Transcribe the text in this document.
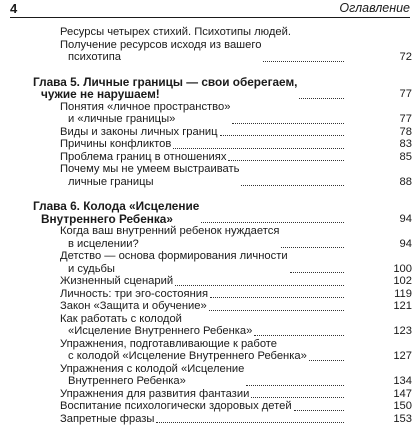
4	Оглавление
Ресурсы четырех стихий. Психотипы людей.
Получение ресурсов исходя из вашего
психотипа	72
Глава 5. Личные границы — свои оберегаем,
чужие не нарушаем!	77
Понятия «личное пространство»
и «личные границы»	77
Виды и законы личных границ	78
Причины конфликтов	83
Проблема границ в отношениях	85
Почему мы не умеем выстраивать
личные границы	88
Глава 6. Колода «Исцеление
Внутреннего Ребенка»	94
Когда ваш внутренний ребенок нуждается
в исцелении?	94
Детство — основа формирования личности
и судьбы	100
Жизненный сценарий	102
Личность: три эго-состояния	119
Закон «Защита и обучение»	121
Как работать с колодой
«Исцеление Внутреннего Ребенка»	123
Упражнения, подготавливающие к работе
с колодой «Исцеление Внутреннего Ребенка»	127
Упражнения с колодой «Исцеление
Внутреннего Ребенка»	134
Упражнения для развития фантазии	147
Воспитание психологически здоровых детей	150
Запретные фразы	153
